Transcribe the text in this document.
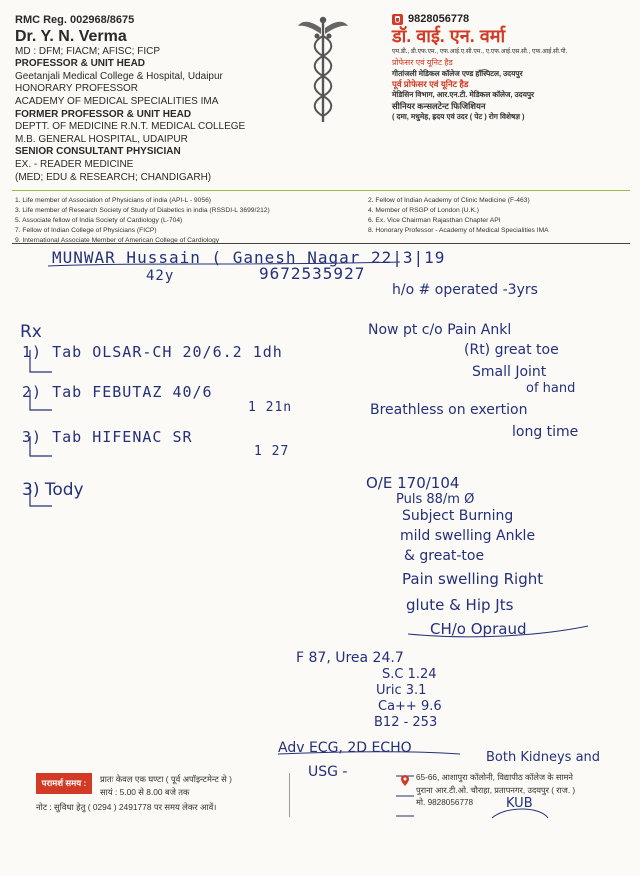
RMC Reg. 002968/8675
Dr. Y. N. Verma
MD : DFM; FIACM; AFISC; FICP
PROFESSOR & UNIT HEAD
Geetanjali Medical College & Hospital, Udaipur
HONORARY PROFESSOR
ACADEMY OF MEDICAL SPECIALITIES IMA
FORMER PROFESSOR & UNIT HEAD
DEPTT. OF MEDICINE R.N.T. MEDICAL COLLEGE
M.B. GENERAL HOSPITAL, UDAIPUR
SENIOR CONSULTANT PHYSICIAN
EX. - READER MEDICINE
(MED; EDU & RESEARCH; CHANDIGARH)
9828056778
डॉ. वाई. एन. वर्मा
एम.डी., डी.एफ.एम., एफ.आई.ए.सी.एम., ए.एफ.आई.एस.सी., एफ.आई.सी.पी.
प्रोफेसर एवं यूनिट हैड
गीतांजली मेडिकल कॉलेज एण्ड हॉस्पिटल, उदयपुर
पूर्व प्रोफेसर एवं यूनिट हैड
मेडिसिन विभाग, आर.एन.टी. मेडिकल कॉलेज, उदयपुर
सीनियर कन्सलटेन्ट फिजिशियन
( दमा, मधुमेह, ह्रदय एवं उदर ( पेट ) रोग विशेषज्ञ )
1. Life member of Association of Physicians of india (API-L - 9056)
3. Life member of Research Society of Study of Diabetics in india (RSSDI-L 3699/212)
5. Associate fellow of India Society of Cardiology (L-704)
7. Fellow of Indian College of Physicians (FICP)
9. International Associate Member of American College of Cardiology
2. Fellow of Indian Academy of Clinic Medicine (F-463)
4. Member of RSGP of London (U.K.)
6. Ex. Vice Chairman Rajasthan Chapter API
8. Honorary Professor - Academy of Medical Specialities IMA
MUNWAR Hussain ( Ganesh Nagar 22|3|19
42y	9672535927
h/o # operated -3yrs
Rx
1) Tab OLSAR-CH 20/6.2 1dh
2) Tab FEBUTAZ 40/6
1 21n
3) Tab HIFENAC SR
1 27
3) Tody
Now pt c/o Pain Ankl
(Rt) great toe
Small Joint
of hand
Breathless on exertion
long time
O/E 170/104
Puls 88/m Ø
Subject Burning
mild swelling Ankle
& great-toe
Pain swelling Right
glute & Hip Jts
CH/o Opraud
F 87, Urea 24.7
S.C 1.24
Uric 3.1
Ca++ 9.6
B12 - 253
Adv ECG, 2D ECHO
USG -
Both Kidneys and
KUB
परामर्श समय :	प्रातः केवल एक घण्टा ( पूर्व अपॉइन्टमेन्ट से )
सायं : 5.00 से 8.00 बजे तक
नोट : सुविधा हेतु ( 0294 ) 2491778 पर समय लेकर आवें।
65-66, आशापुरा कॉलोनी, विद्यापीठ कॉलेज के सामने
पुराना आर.टी.ओ. चौराहा, प्रतापनगर, उदयपुर ( राज. )
मो. 9828056778
